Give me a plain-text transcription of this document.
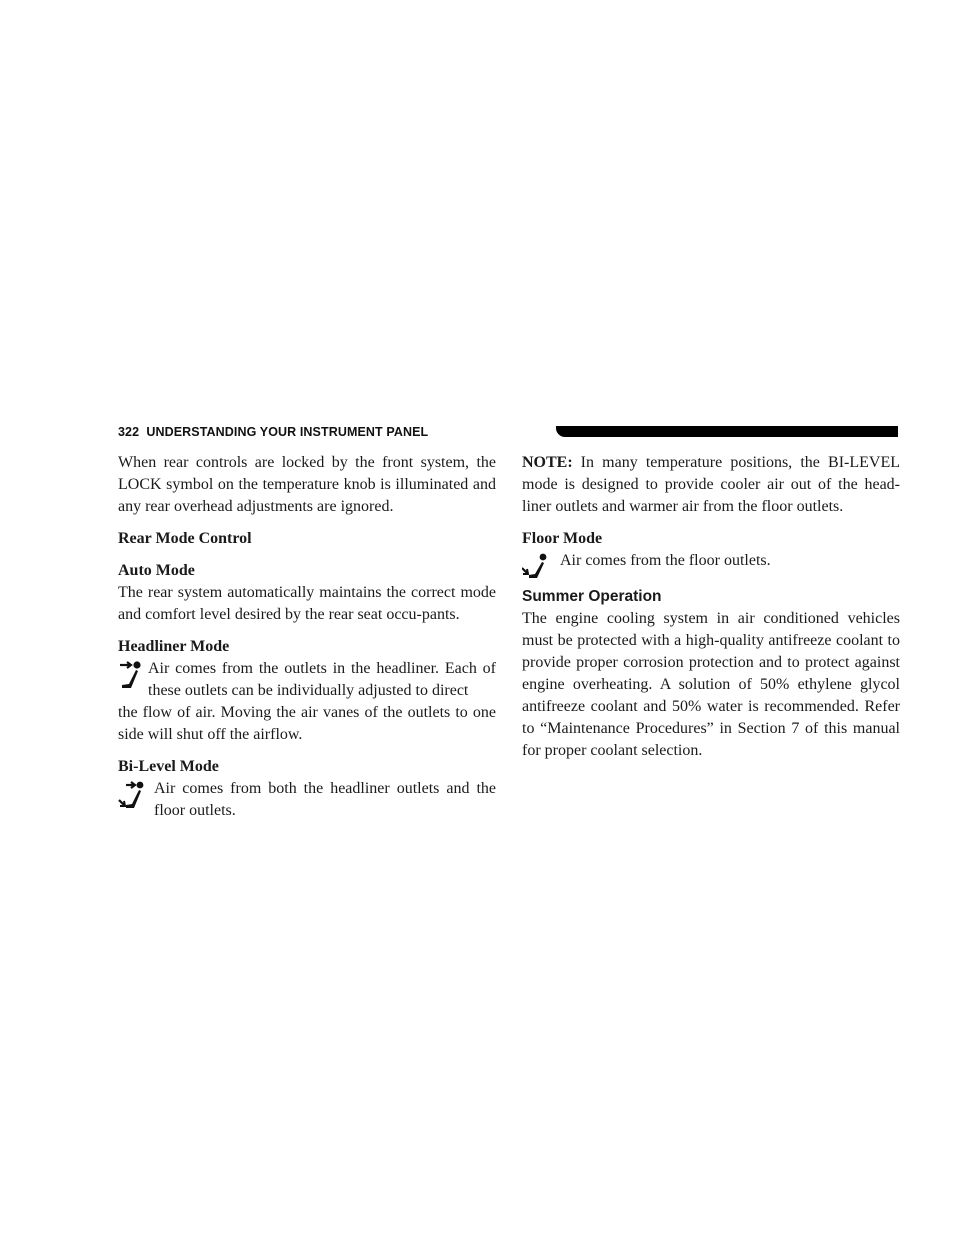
322 UNDERSTANDING YOUR INSTRUMENT PANEL

When rear controls are locked by the front system, the LOCK symbol on the temperature knob is illuminated and any rear overhead adjustments are ignored.

Rear Mode Control

Auto Mode

The rear system automatically maintains the correct mode and comfort level desired by the rear seat occu-pants.

Headliner Mode

Air comes from the outlets in the headliner. Each of these outlets can be individually adjusted to direct

the flow of air. Moving the air vanes of the outlets to one side will shut off the airflow.

Bi-Level Mode

Air comes from both the headliner outlets and the floor outlets.

NOTE: In many temperature positions, the BI-LEVEL mode is designed to provide cooler air out of the head-liner outlets and warmer air from the floor outlets.

Floor Mode

Air comes from the floor outlets.

Summer Operation

The engine cooling system in air conditioned vehicles must be protected with a high-quality antifreeze coolant to provide proper corrosion protection and to protect against engine overheating. A solution of 50% ethylene glycol antifreeze coolant and 50% water is recommended. Refer to “Maintenance Procedures” in Section 7 of this manual for proper coolant selection.
